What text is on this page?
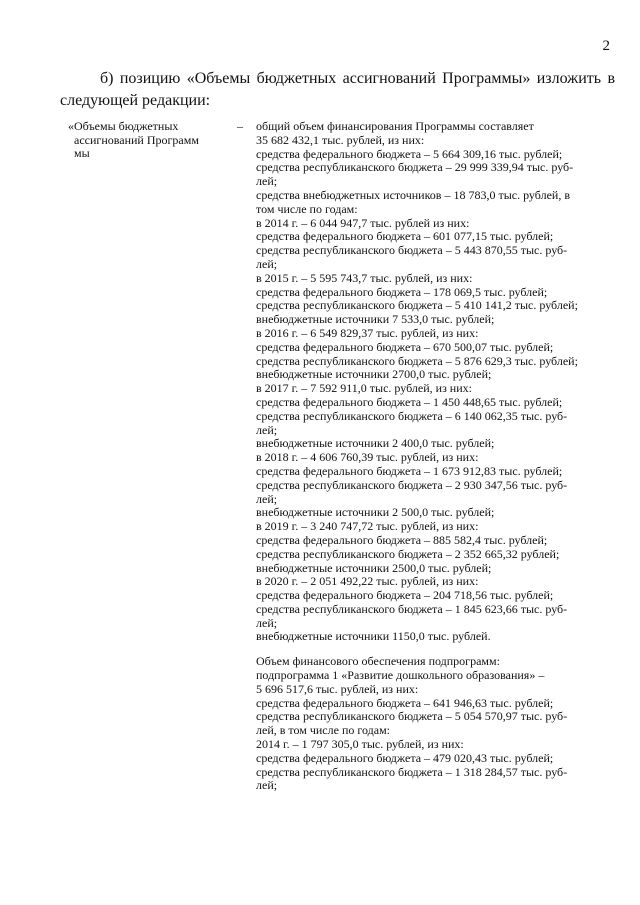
2
б) позицию «Объемы бюджетных ассигнований Программы» изложить в следующей редакции:
«Объемы бюджетных
ассигнований Программ
мы
– общий объем финансирования Программы составляет
35 682 432,1 тыс. рублей, из них:
средства федерального бюджета – 5 664 309,16 тыс. рублей;
средства республиканского бюджета – 29 999 339,94 тыс. руб-
лей;
средства внебюджетных источников – 18 783,0 тыс. рублей, в
том числе по годам:
в 2014 г. – 6 044 947,7 тыс. рублей из них:
средства федерального бюджета – 601 077,15 тыс. рублей;
средства республиканского бюджета – 5 443 870,55 тыс. руб-
лей;
в 2015 г. – 5 595 743,7 тыс. рублей, из них:
средства федерального бюджета – 178 069,5 тыс. рублей;
средства республиканского бюджета – 5 410 141,2 тыс. рублей;
внебюджетные источники 7 533,0 тыс. рублей;
в 2016 г. – 6 549 829,37 тыс. рублей, из них:
средства федерального бюджета – 670 500,07 тыс. рублей;
средства республиканского бюджета – 5 876 629,3 тыс. рублей;
внебюджетные источники 2700,0 тыс. рублей;
в 2017 г. – 7 592 911,0 тыс. рублей, из них:
средства федерального бюджета – 1 450 448,65 тыс. рублей;
средства республиканского бюджета – 6 140 062,35 тыс. руб-
лей;
внебюджетные источники 2 400,0 тыс. рублей;
в 2018 г. – 4 606 760,39 тыс. рублей, из них:
средства федерального бюджета – 1 673 912,83 тыс. рублей;
средства республиканского бюджета – 2 930 347,56 тыс. руб-
лей;
внебюджетные источники 2 500,0 тыс. рублей;
в 2019 г. – 3 240 747,72 тыс. рублей, из них:
средства федерального бюджета – 885 582,4 тыс. рублей;
средства республиканского бюджета – 2 352 665,32 рублей;
внебюджетные источники 2500,0 тыс. рублей;
в 2020 г. – 2 051 492,22 тыс. рублей, из них:
средства федерального бюджета – 204 718,56 тыс. рублей;
средства республиканского бюджета – 1 845 623,66 тыс. руб-
лей;
внебюджетные источники 1150,0 тыс. рублей.
Объем финансового обеспечения подпрограмм:
подпрограмма 1 «Развитие дошкольного образования» –
5 696 517,6 тыс. рублей, из них:
средства федерального бюджета – 641 946,63 тыс. рублей;
средства республиканского бюджета – 5 054 570,97 тыс. руб-
лей, в том числе по годам:
2014 г. – 1 797 305,0 тыс. рублей, из них:
средства федерального бюджета – 479 020,43 тыс. рублей;
средства республиканского бюджета – 1 318 284,57 тыс. руб-
лей;
